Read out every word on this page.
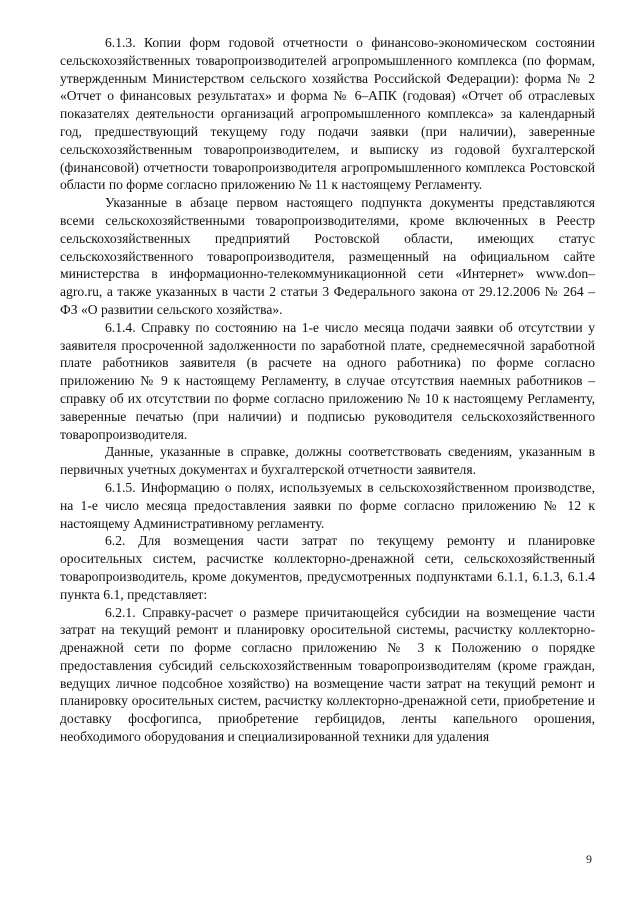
6.1.3. Копии форм годовой отчетности о финансово-экономическом состоянии сельскохозяйственных товаропроизводителей агропромышленного комплекса (по формам, утвержденным Министерством сельского хозяйства Российской Федерации): форма № 2 «Отчет о финансовых результатах» и форма № 6–АПК (годовая) «Отчет об отраслевых показателях деятельности организаций агропромышленного комплекса» за календарный год, предшествующий текущему году подачи заявки (при наличии), заверенные сельскохозяйственным товаропроизводителем, и выписку из годовой бухгалтерской (финансовой) отчетности товаропроизводителя агропромышленного комплекса Ростовской области по форме согласно приложению № 11 к настоящему Регламенту.

Указанные в абзаце первом настоящего подпункта документы представляются всеми сельскохозяйственными товаропроизводителями, кроме включенных в Реестр сельскохозяйственных предприятий Ростовской области, имеющих статус сельскохозяйственного товаропроизводителя, размещенный на официальном сайте министерства в информационно-телекоммуникационной сети «Интернет» www.don–agro.ru, а также указанных в части 2 статьи 3 Федерального закона от 29.12.2006 № 264 – ФЗ «О развитии сельского хозяйства».

6.1.4. Справку по состоянию на 1-е число месяца подачи заявки об отсутствии у заявителя просроченной задолженности по заработной плате, среднемесячной заработной плате работников заявителя (в расчете на одного работника) по форме согласно приложению № 9 к настоящему Регламенту, в случае отсутствия наемных работников – справку об их отсутствии по форме согласно приложению № 10 к настоящему Регламенту, заверенные печатью (при наличии) и подписью руководителя сельскохозяйственного товаропроизводителя.

Данные, указанные в справке, должны соответствовать сведениям, указанным в первичных учетных документах и бухгалтерской отчетности заявителя.

6.1.5. Информацию о полях, используемых в сельскохозяйственном производстве, на 1-е число месяца предоставления заявки по форме согласно приложению № 12 к настоящему Административному регламенту.

6.2. Для возмещения части затрат по текущему ремонту и планировке оросительных систем, расчистке коллекторно-дренажной сети, сельскохозяйственный товаропроизводитель, кроме документов, предусмотренных подпунктами 6.1.1, 6.1.3, 6.1.4 пункта 6.1, представляет:

6.2.1. Справку-расчет о размере причитающейся субсидии на возмещение части затрат на текущий ремонт и планировку оросительной системы, расчистку коллекторно-дренажной сети по форме согласно приложению № 3 к Положению о порядке предоставления субсидий сельскохозяйственным товаропроизводителям (кроме граждан, ведущих личное подсобное хозяйство) на возмещение части затрат на текущий ремонт и планировку оросительных систем, расчистку коллекторно-дренажной сети, приобретение и доставку фосфогипса, приобретение гербицидов, ленты капельного орошения, необходимого оборудования и специализированной техники для удаления

9
